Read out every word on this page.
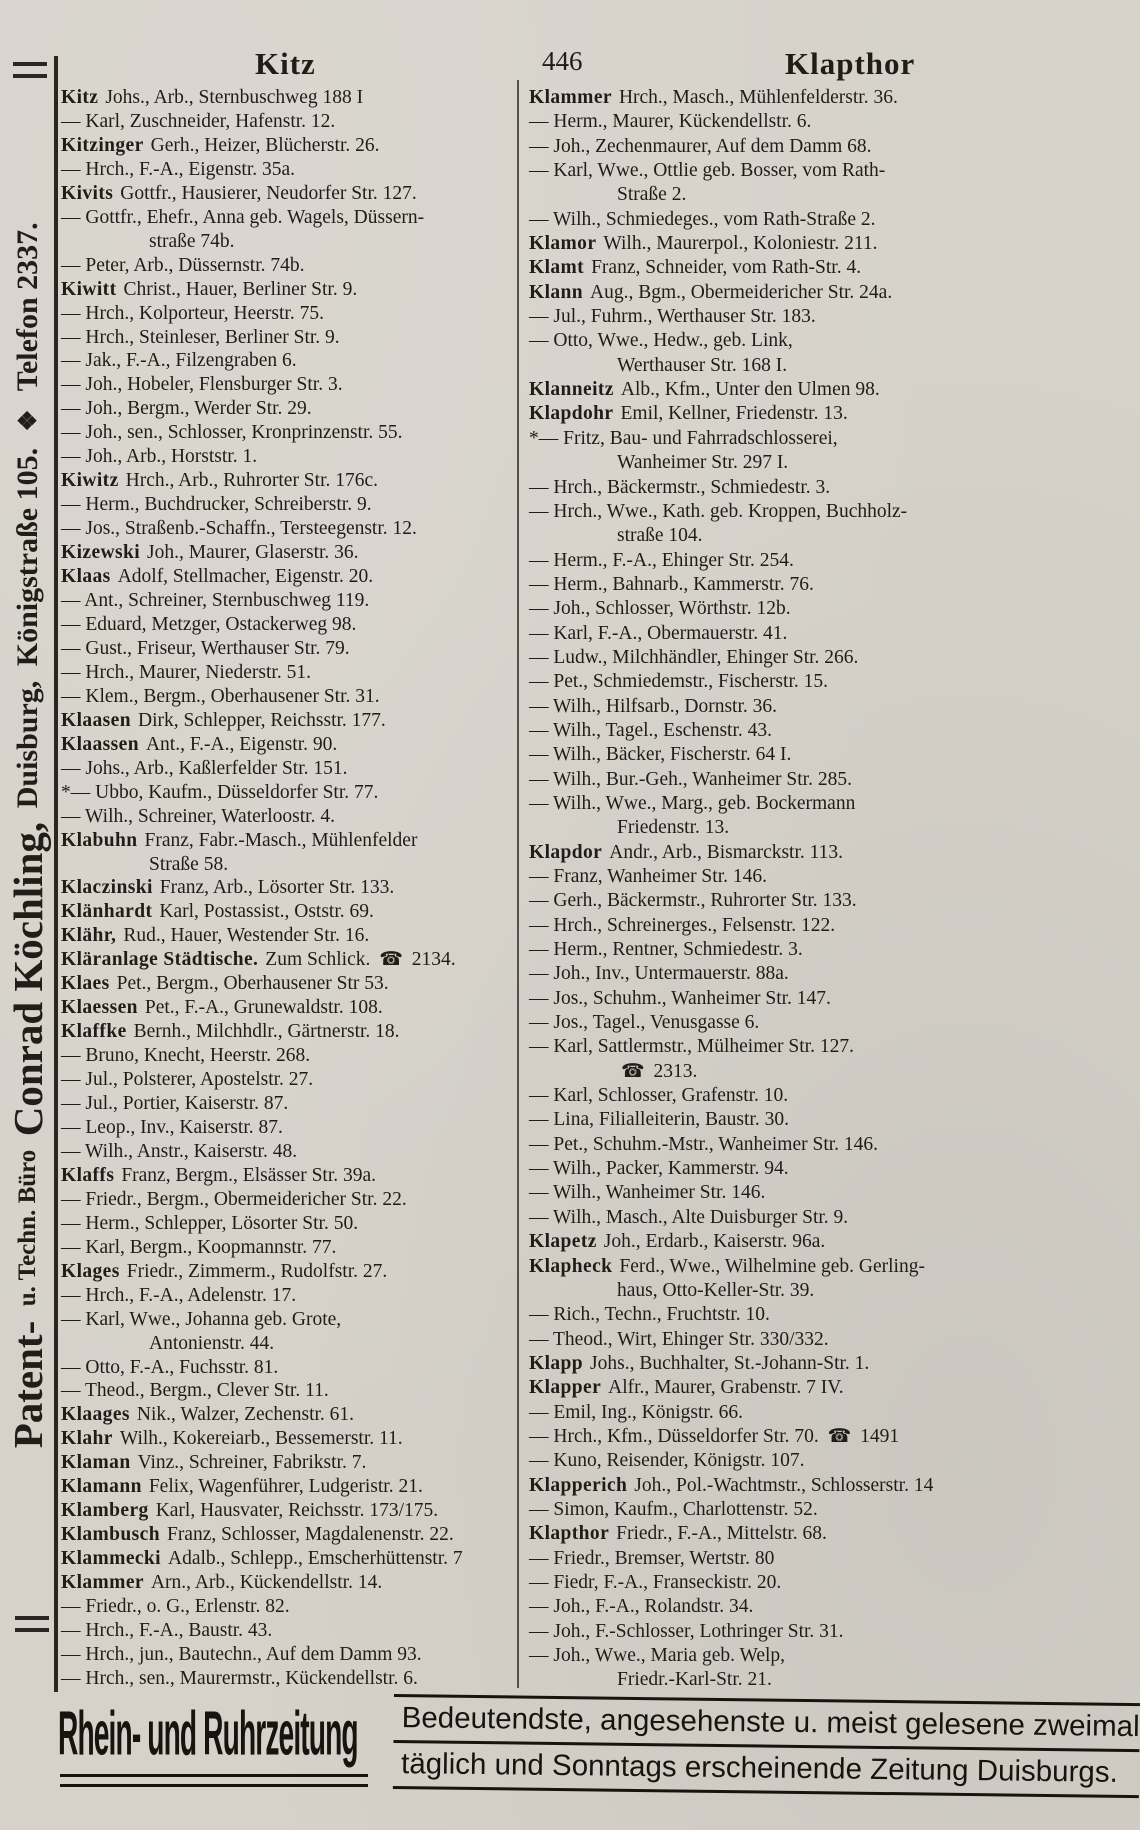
Patent-
u. Techn. Büro
Conrad Köchling,
Duisburg,
Königstraße 105.
❖
Telefon 2337.
Kitz	446	Klapthor
Kitz Johs., Arb., Sternbuschweg 188 I
— Karl, Zuschneider, Hafenstr. 12.
Kitzinger Gerh., Heizer, Blücherstr. 26.
— Hrch., F.-A., Eigenstr. 35a.
Kivits Gottfr., Hausierer, Neudorfer Str. 127.
— Gottfr., Ehefr., Anna geb. Wagels, Düssern-
straße 74b.
— Peter, Arb., Düssernstr. 74b.
Kiwitt Christ., Hauer, Berliner Str. 9.
— Hrch., Kolporteur, Heerstr. 75.
— Hrch., Steinleser, Berliner Str. 9.
— Jak., F.-A., Filzengraben 6.
— Joh., Hobeler, Flensburger Str. 3.
— Joh., Bergm., Werder Str. 29.
— Joh., sen., Schlosser, Kronprinzenstr. 55.
— Joh., Arb., Horststr. 1.
Kiwitz Hrch., Arb., Ruhrorter Str. 176c.
— Herm., Buchdrucker, Schreiberstr. 9.
— Jos., Straßenb.-Schaffn., Tersteegenstr. 12.
Kizewski Joh., Maurer, Glaserstr. 36.
Klaas Adolf, Stellmacher, Eigenstr. 20.
— Ant., Schreiner, Sternbuschweg 119.
— Eduard, Metzger, Ostackerweg 98.
— Gust., Friseur, Werthauser Str. 79.
— Hrch., Maurer, Niederstr. 51.
— Klem., Bergm., Oberhausener Str. 31.
Klaasen Dirk, Schlepper, Reichsstr. 177.
Klaassen Ant., F.-A., Eigenstr. 90.
— Johs., Arb., Kaßlerfelder Str. 151.
*— Ubbo, Kaufm., Düsseldorfer Str. 77.
— Wilh., Schreiner, Waterloostr. 4.
Klabuhn Franz, Fabr.-Masch., Mühlenfelder
Straße 58.
Klaczinski Franz, Arb., Lösorter Str. 133.
Klänhardt Karl, Postassist., Oststr. 69.
Klähr, Rud., Hauer, Westender Str. 16.
Kläranlage Städtische. Zum Schlick. ☎ 2134.
Klaes Pet., Bergm., Oberhausener Str 53.
Klaessen Pet., F.-A., Grunewaldstr. 108.
Klaffke Bernh., Milchhdlr., Gärtnerstr. 18.
— Bruno, Knecht, Heerstr. 268.
— Jul., Polsterer, Apostelstr. 27.
— Jul., Portier, Kaiserstr. 87.
— Leop., Inv., Kaiserstr. 87.
— Wilh., Anstr., Kaiserstr. 48.
Klaffs Franz, Bergm., Elsässer Str. 39a.
— Friedr., Bergm., Obermeidericher Str. 22.
— Herm., Schlepper, Lösorter Str. 50.
— Karl, Bergm., Koopmannstr. 77.
Klages Friedr., Zimmerm., Rudolfstr. 27.
— Hrch., F.-A., Adelenstr. 17.
— Karl, Wwe., Johanna geb. Grote,
Antonienstr. 44.
— Otto, F.-A., Fuchsstr. 81.
— Theod., Bergm., Clever Str. 11.
Klaages Nik., Walzer, Zechenstr. 61.
Klahr Wilh., Kokereiarb., Bessemerstr. 11.
Klaman Vinz., Schreiner, Fabrikstr. 7.
Klamann Felix, Wagenführer, Ludgeristr. 21.
Klamberg Karl, Hausvater, Reichsstr. 173/175.
Klambusch Franz, Schlosser, Magdalenenstr. 22.
Klammecki Adalb., Schlepp., Emscherhüttenstr. 7
Klammer Arn., Arb., Kückendellstr. 14.
— Friedr., o. G., Erlenstr. 82.
— Hrch., F.-A., Baustr. 43.
— Hrch., jun., Bautechn., Auf dem Damm 93.
— Hrch., sen., Maurermstr., Kückendellstr. 6.
Klammer Hrch., Masch., Mühlenfelderstr. 36.
— Herm., Maurer, Kückendellstr. 6.
— Joh., Zechenmaurer, Auf dem Damm 68.
— Karl, Wwe., Ottlie geb. Bosser, vom Rath-
Straße 2.
— Wilh., Schmiedeges., vom Rath-Straße 2.
Klamor Wilh., Maurerpol., Koloniestr. 211.
Klamt Franz, Schneider, vom Rath-Str. 4.
Klann Aug., Bgm., Obermeidericher Str. 24a.
— Jul., Fuhrm., Werthauser Str. 183.
— Otto, Wwe., Hedw., geb. Link,
Werthauser Str. 168 I.
Klanneitz Alb., Kfm., Unter den Ulmen 98.
Klapdohr Emil, Kellner, Friedenstr. 13.
*— Fritz, Bau- und Fahrradschlosserei,
Wanheimer Str. 297 I.
— Hrch., Bäckermstr., Schmiedestr. 3.
— Hrch., Wwe., Kath. geb. Kroppen, Buchholz-
straße 104.
— Herm., F.-A., Ehinger Str. 254.
— Herm., Bahnarb., Kammerstr. 76.
— Joh., Schlosser, Wörthstr. 12b.
— Karl, F.-A., Obermauerstr. 41.
— Ludw., Milchhändler, Ehinger Str. 266.
— Pet., Schmiedemstr., Fischerstr. 15.
— Wilh., Hilfsarb., Dornstr. 36.
— Wilh., Tagel., Eschenstr. 43.
— Wilh., Bäcker, Fischerstr. 64 I.
— Wilh., Bur.-Geh., Wanheimer Str. 285.
— Wilh., Wwe., Marg., geb. Bockermann
Friedenstr. 13.
Klapdor Andr., Arb., Bismarckstr. 113.
— Franz, Wanheimer Str. 146.
— Gerh., Bäckermstr., Ruhrorter Str. 133.
— Hrch., Schreinerges., Felsenstr. 122.
— Herm., Rentner, Schmiedestr. 3.
— Joh., Inv., Untermauerstr. 88a.
— Jos., Schuhm., Wanheimer Str. 147.
— Jos., Tagel., Venusgasse 6.
— Karl, Sattlermstr., Mülheimer Str. 127.
☎ 2313.
— Karl, Schlosser, Grafenstr. 10.
— Lina, Filialleiterin, Baustr. 30.
— Pet., Schuhm.-Mstr., Wanheimer Str. 146.
— Wilh., Packer, Kammerstr. 94.
— Wilh., Wanheimer Str. 146.
— Wilh., Masch., Alte Duisburger Str. 9.
Klapetz Joh., Erdarb., Kaiserstr. 96a.
Klapheck Ferd., Wwe., Wilhelmine geb. Gerling-
haus, Otto-Keller-Str. 39.
— Rich., Techn., Fruchtstr. 10.
— Theod., Wirt, Ehinger Str. 330/332.
Klapp Johs., Buchhalter, St.-Johann-Str. 1.
Klapper Alfr., Maurer, Grabenstr. 7 IV.
— Emil, Ing., Königstr. 66.
— Hrch., Kfm., Düsseldorfer Str. 70. ☎ 1491
— Kuno, Reisender, Königstr. 107.
Klapperich Joh., Pol.-Wachtmstr., Schlosserstr. 14
— Simon, Kaufm., Charlottenstr. 52.
Klapthor Friedr., F.-A., Mittelstr. 68.
— Friedr., Bremser, Wertstr. 80
— Fiedr, F.-A., Franseckistr. 20.
— Joh., F.-A., Rolandstr. 34.
— Joh., F.-Schlosser, Lothringer Str. 31.
— Joh., Wwe., Maria geb. Welp,
Friedr.-Karl-Str. 21.
Rhein- und Ruhrzeitung Bedeutendste, angesehenste u. meist gelesene zweimal
täglich und Sonntags erscheinende Zeitung Duisburgs.
